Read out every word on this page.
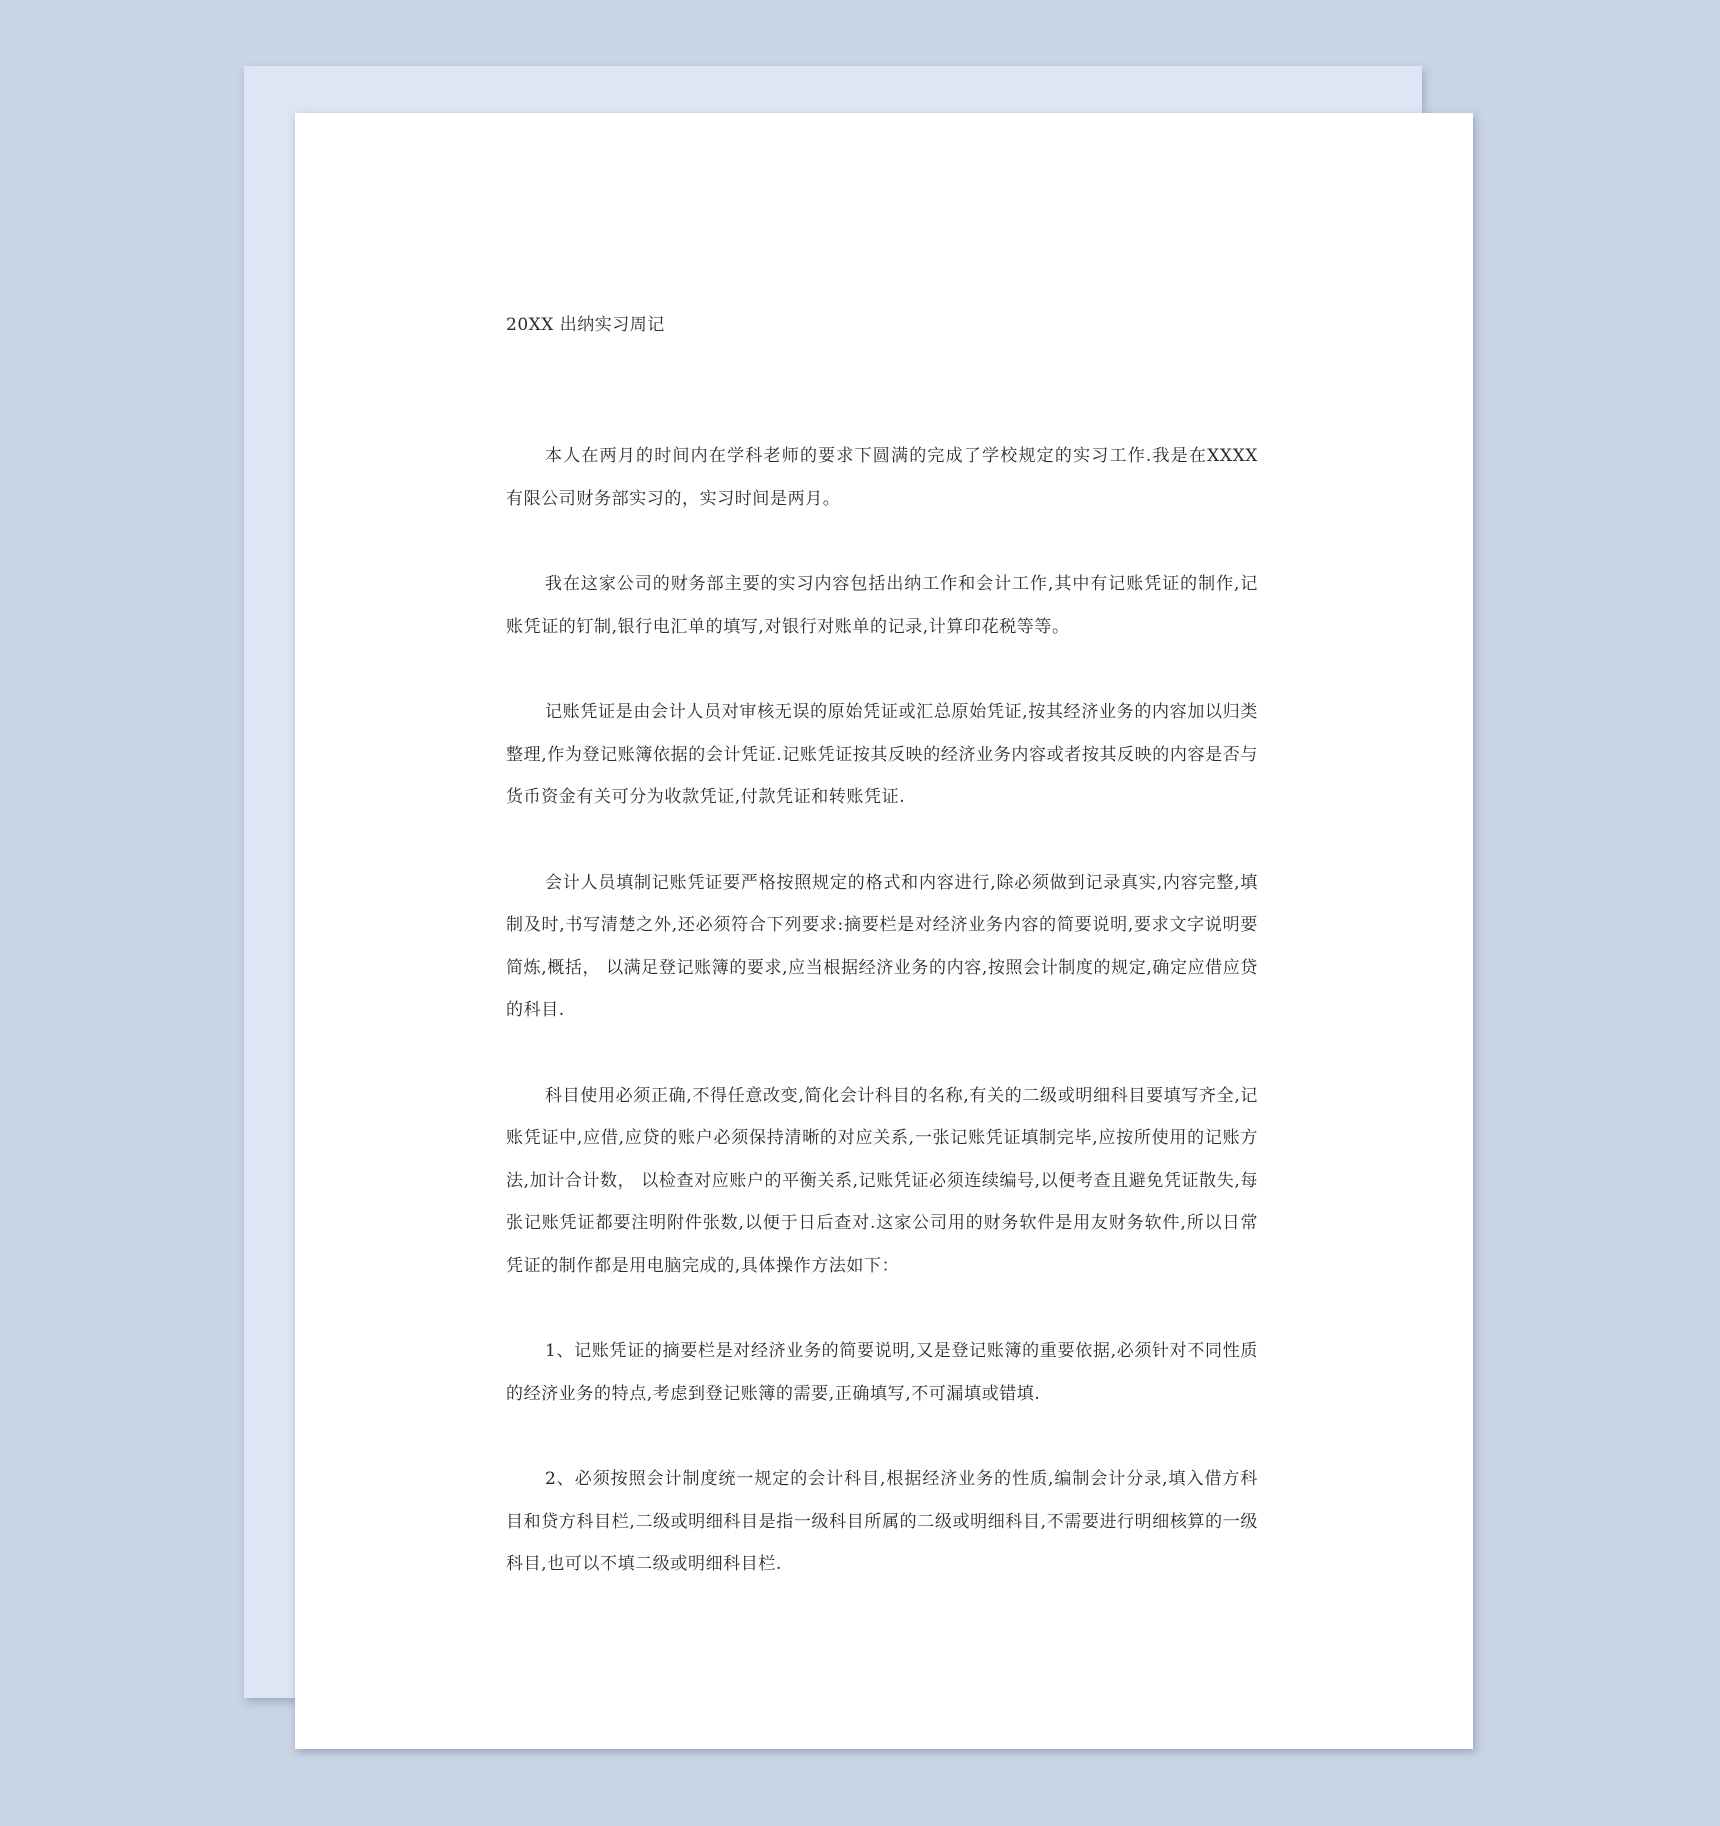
20XX 出纳实习周记

本人在两月的时间内在学科老师的要求下圆满的完成了学校规定的实习工作.我是在XXXX 有限公司财务部实习的，实习时间是两月。

我在这家公司的财务部主要的实习内容包括出纳工作和会计工作,其中有记账凭证的制作,记账凭证的钉制,银行电汇单的填写,对银行对账单的记录,计算印花税等等。

记账凭证是由会计人员对审核无误的原始凭证或汇总原始凭证,按其经济业务的内容加以归类整理,作为登记账簿依据的会计凭证.记账凭证按其反映的经济业务内容或者按其反映的内容是否与货币资金有关可分为收款凭证,付款凭证和转账凭证.

会计人员填制记账凭证要严格按照规定的格式和内容进行,除必须做到记录真实,内容完整,填制及时,书写清楚之外,还必须符合下列要求:摘要栏是对经济业务内容的简要说明,要求文字说明要简炼,概括， 以满足登记账簿的要求,应当根据经济业务的内容,按照会计制度的规定,确定应借应贷的科目.

科目使用必须正确,不得任意改变,简化会计科目的名称,有关的二级或明细科目要填写齐全,记账凭证中,应借,应贷的账户必须保持清晰的对应关系,一张记账凭证填制完毕,应按所使用的记账方法,加计合计数， 以检查对应账户的平衡关系,记账凭证必须连续编号,以便考查且避免凭证散失,每张记账凭证都要注明附件张数,以便于日后查对.这家公司用的财务软件是用友财务软件,所以日常凭证的制作都是用电脑完成的,具体操作方法如下：

1、记账凭证的摘要栏是对经济业务的简要说明,又是登记账簿的重要依据,必须针对不同性质的经济业务的特点,考虑到登记账簿的需要,正确填写,不可漏填或错填.

2、必须按照会计制度统一规定的会计科目,根据经济业务的性质,编制会计分录,填入借方科目和贷方科目栏,二级或明细科目是指一级科目所属的二级或明细科目,不需要进行明细核算的一级科目,也可以不填二级或明细科目栏.
